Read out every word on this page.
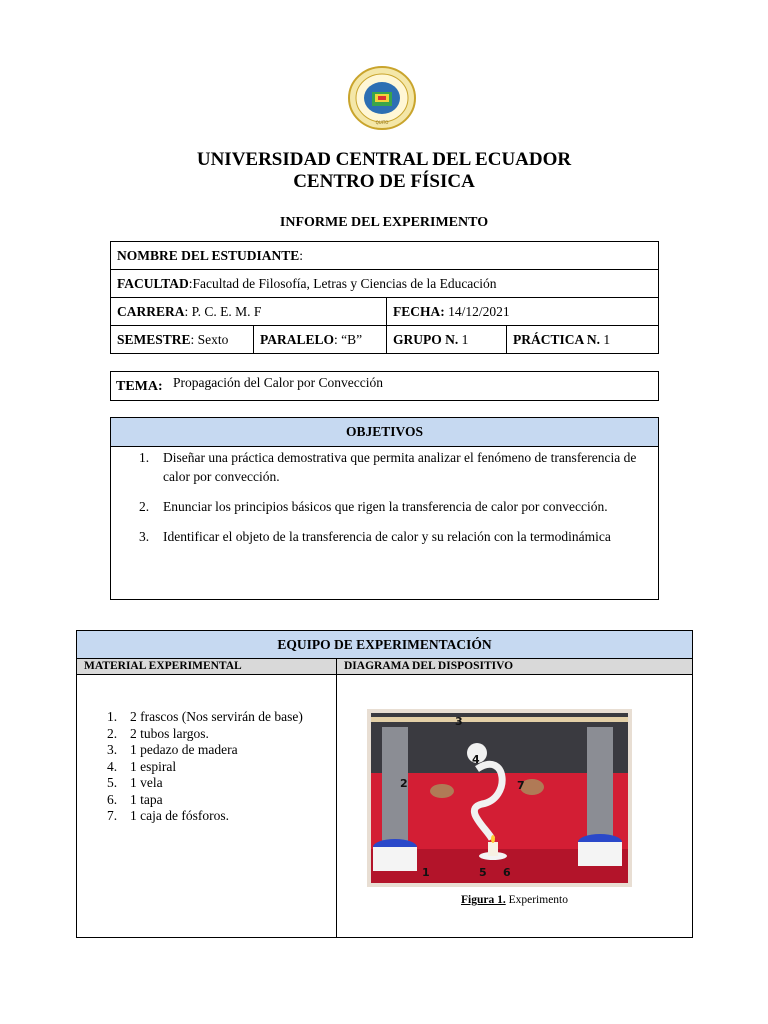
QUITO
UNIVERSIDAD CENTRAL DEL ECUADOR
CENTRO DE FÍSICA
INFORME DEL EXPERIMENTO
NOMBRE DEL ESTUDIANTE:			
FACULTAD:Facultad de Filosofía, Letras y Ciencias de la Educación			
CARRERA: P. C. E. M. F		FECHA: 14/12/2021	
SEMESTRE: Sexto	PARALELO: “B”	GRUPO N. 1	PRÁCTICA N. 1
TEMA: Propagación del Calor por Convección
OBJETIVOS
1. Diseñar una práctica demostrativa que permita analizar el fenómeno de transferencia de calor por convección.
2. Enunciar los principios básicos que rigen la transferencia de calor por convección.
3. Identificar el objeto de la transferencia de calor y su relación con la termodinámica
EQUIPO DE EXPERIMENTACIÓN
MATERIAL EXPERIMENTAL	DIAGRAMA DEL DISPOSITIVO
1. 2 frascos (Nos servirán de base)
2. 2 tubos largos.
3. 1 pedazo de madera
4. 1 espiral
5. 1 vela
6. 1 tapa
7. 1 caja de fósforos.
3
2
4
7
1	5 6
Figura 1. Experimento
